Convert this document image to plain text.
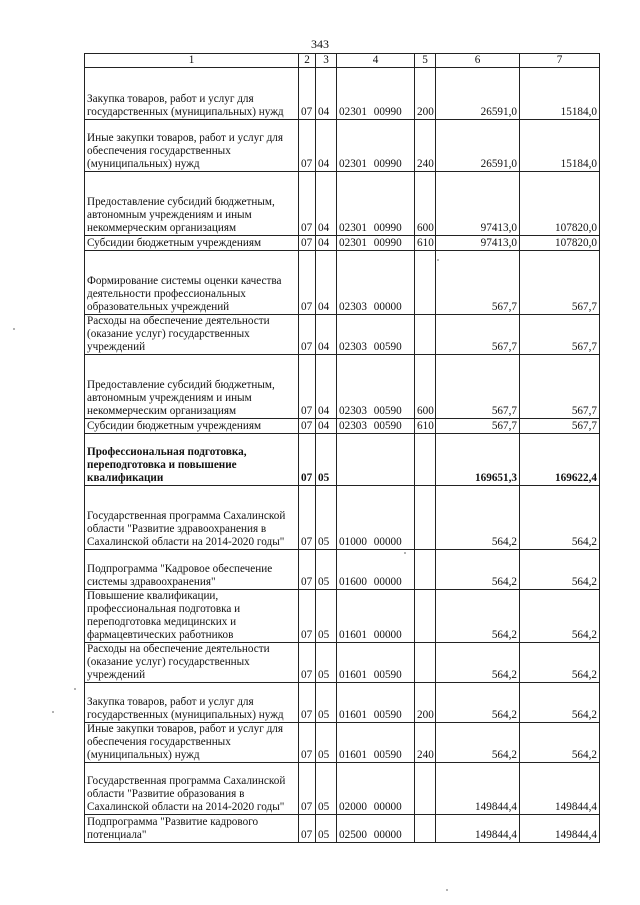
343
1	2	3	4	5	6	7
Закупка товаров, работ и услуг для государственных (муниципальных) нужд	07	04	02301 00990	200	26591,0	15184,0
Иные закупки товаров, работ и услуг для обеспечения государственных (муниципальных) нужд	07	04	02301 00990	240	26591,0	15184,0
Предоставление субсидий бюджетным, автономным учреждениям и иным некоммерческим организациям	07	04	02301 00990	600	97413,0	107820,0
Субсидии бюджетным учреждениям	07	04	02301 00990	610	97413,0	107820,0
Формирование системы оценки качества деятельности профессиональных образовательных учреждений	07	04	02303 00000		567,7	567,7
Расходы на обеспечение деятельности (оказание услуг) государственных учреждений	07	04	02303 00590		567,7	567,7
Предоставление субсидий бюджетным, автономным учреждениям и иным некоммерческим организациям	07	04	02303 00590	600	567,7	567,7
Субсидии бюджетным учреждениям	07	04	02303 00590	610	567,7	567,7
Профессиональная подготовка, переподготовка и повышение квалификации	07	05			169651,3	169622,4
Государственная программа Сахалинской области "Развитие здравоохранения в Сахалинской области на 2014-2020 годы"	07	05	01000 00000		564,2	564,2
Подпрограмма "Кадровое обеспечение системы здравоохранения"	07	05	01600 00000		564,2	564,2
Повышение квалификации, профессиональная подготовка и переподготовка медицинских и фармацевтических работников	07	05	01601 00000		564,2	564,2
Расходы на обеспечение деятельности (оказание услуг) государственных учреждений	07	05	01601 00590		564,2	564,2
Закупка товаров, работ и услуг для государственных (муниципальных) нужд	07	05	01601 00590	200	564,2	564,2
Иные закупки товаров, работ и услуг для обеспечения государственных (муниципальных) нужд	07	05	01601 00590	240	564,2	564,2
Государственная программа Сахалинской области "Развитие образования в Сахалинской области на 2014-2020 годы"	07	05	02000 00000		149844,4	149844,4
Подпрограмма "Развитие кадрового потенциала"	07	05	02500 00000		149844,4	149844,4
